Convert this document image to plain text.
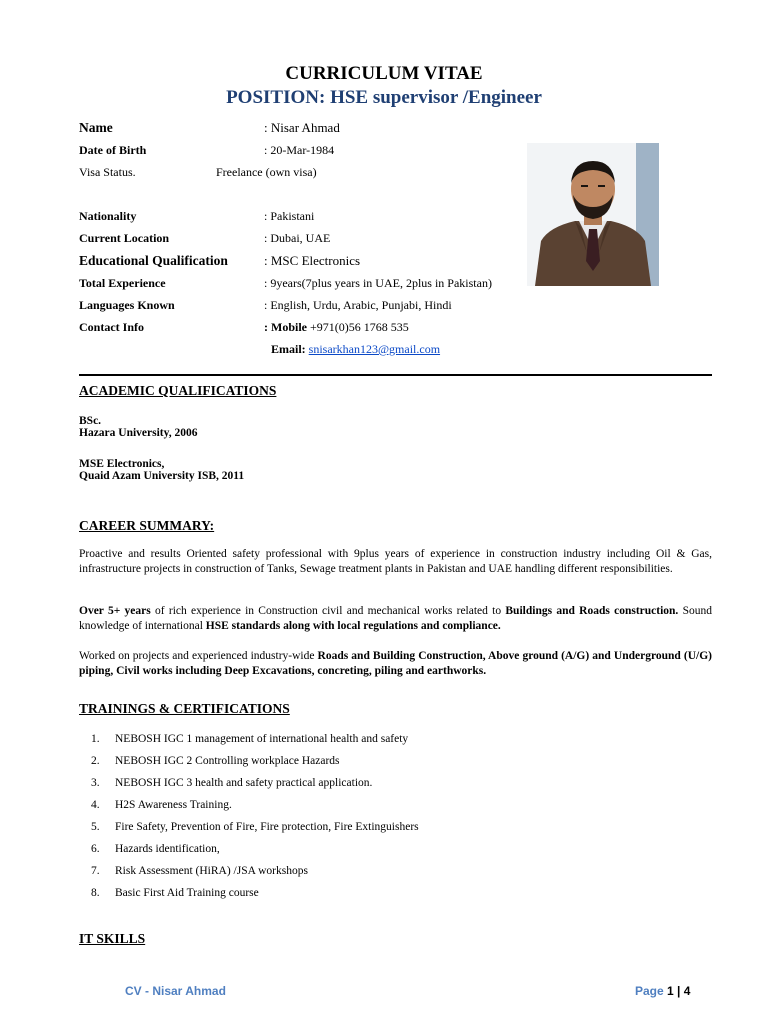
CURRICULUM VITAE
POSITION: HSE supervisor /Engineer
Name	: Nisar Ahmad
Date of Birth	: 20-Mar-1984
Visa Status.	Freelance (own visa)
Nationality	: Pakistani
Current Location	: Dubai, UAE
Educational Qualification	: MSC Electronics
Total Experience	: 9years(7plus years in UAE, 2plus in Pakistan)
Languages Known	: English, Urdu, Arabic, Punjabi, Hindi
Contact Info	: Mobile +971(0)56 1768 535
Email: snisarkhan123@gmail.com
ACADEMIC QUALIFICATIONS
BSc.
Hazara University, 2006
MSE Electronics,
Quaid Azam University ISB, 2011
CAREER SUMMARY:
Proactive and results Oriented safety professional with 9plus years of experience in construction industry including Oil & Gas, infrastructure projects in construction of Tanks, Sewage treatment plants in Pakistan and UAE handling different responsibilities.
Over 5+ years of rich experience in Construction civil and mechanical works related to Buildings and Roads construction. Sound knowledge of international HSE standards along with local regulations and compliance.
Worked on projects and experienced industry-wide Roads and Building Construction, Above ground (A/G) and Underground (U/G) piping, Civil works including Deep Excavations, concreting, piling and earthworks.
TRAININGS & CERTIFICATIONS
1.	NEBOSH IGC 1 management of international health and safety
2.	NEBOSH IGC 2 Controlling workplace Hazards
3.	NEBOSH IGC 3 health and safety practical application.
4.	H2S Awareness Training.
5.	Fire Safety, Prevention of Fire, Fire protection, Fire Extinguishers
6.	Hazards identification,
7.	Risk Assessment (HiRA) /JSA workshops
8.	Basic First Aid Training course
IT SKILLS
CV - Nisar Ahmad	Page 1 | 4
